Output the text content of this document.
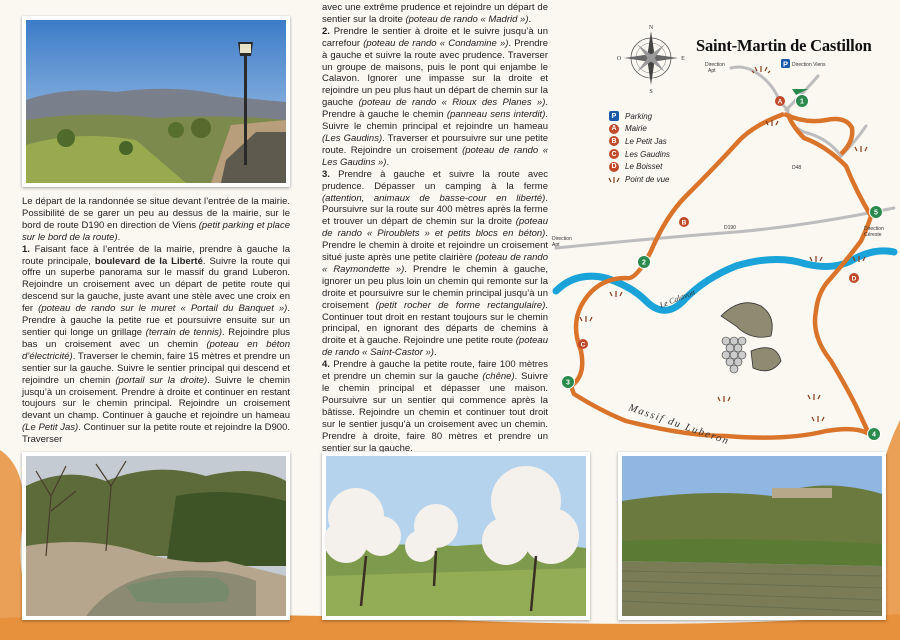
Le départ de la randonnée se situe devant l’entrée de la mairie. Possibilité de se garer un peu au dessus de la mairie, sur le bord de route D190 en direction de Viens (petit parking et place sur le bord de la route).

1. Faisant face à l’entrée de la mairie, prendre à gauche la route principale, boulevard de la Liberté. Suivre la route qui offre un superbe panorama sur le massif du grand Luberon. Rejoindre un croisement avec un départ de petite route qui descend sur la gauche, juste avant une stèle avec une croix en fer (poteau de rando sur le muret « Portail du Banquet »). Prendre à gauche la petite rue et poursuivre ensuite sur un sentier qui longe un grillage (terrain de tennis). Rejoindre plus bas un croisement avec un chemin (poteau en béton d’électricité). Traverser le chemin, faire 15 mètres et prendre un sentier sur la gauche. Suivre le sentier principal qui descend et rejoindre un chemin (portail sur la droite). Suivre le chemin jusqu’à un croisement. Prendre à droite et continuer en restant toujours sur le chemin principal. Rejoindre un croisement devant un champ. Continuer à gauche et rejoindre un hameau (Le Petit Jas). Continuer sur la petite route et rejoindre la D900. Traverser

avec une extrême prudence et rejoindre un départ de sentier sur la droite (poteau de rando « Madrid »).

2. Prendre le sentier à droite et le suivre jusqu’à un carrefour (poteau de rando « Condamine »). Prendre à gauche et suivre la route avec prudence. Traverser un groupe de maisons, puis le pont qui enjambe le Calavon. Ignorer une impasse sur la droite et rejoindre un peu plus haut un départ de chemin sur la gauche (poteau de rando « Rioux des Planes »). Prendre à gauche le chemin (panneau sens interdit). Suivre le chemin principal et rejoindre un hameau (Les Gaudins). Traverser et poursuivre sur une petite route. Rejoindre un croisement (poteau de rando « Les Gaudins »).

3. Prendre à gauche et suivre la route avec prudence. Dépasser un camping à la ferme (attention, animaux de basse-cour en liberté). Poursuivre sur la route sur 400 mètres après la ferme et trouver un départ de chemin sur la droite (poteau de rando « Piroublets » et petits blocs en béton). Prendre le chemin à droite et rejoindre un croisement situé juste après une petite clairière (poteau de rando « Raymondette »). Prendre le chemin à gauche, ignorer un peu plus loin un chemin qui remonte sur la droite et poursuivre sur le chemin principal jusqu’à un croisement (petit rocher de forme rectangulaire). Continuer tout droit en restant toujours sur le chemin principal, en ignorant des départs de chemins à droite et à gauche. Rejoindre une petite route (poteau de rando « Saint-Castor »).

4. Prendre à gauche la petite route, faire 100 mètres et prendre un chemin sur la gauche (chêne). Suivre le chemin principal et dépasser une maison. Poursuivre sur un sentier qui commence après la bâtisse. Rejoindre un chemin et continuer tout droit sur le sentier jusqu’à un croisement avec un chemin. Prendre à droite, faire 80 mètres et prendre un sentier sur la gauche.

N
S
E
O
P
A
B
C
D
1
2
3
4
5
Direction
Apt
Direction Viens
D48
D190
Direction
Apt
Direction
Céreste
Le Calavon
Massif du Luberon
Saint-Martin de Castillon
P	Parking
A	Mairie
B	Le Petit Jas
C	Les Gaudins
D	Le Boisset
Point de vue
